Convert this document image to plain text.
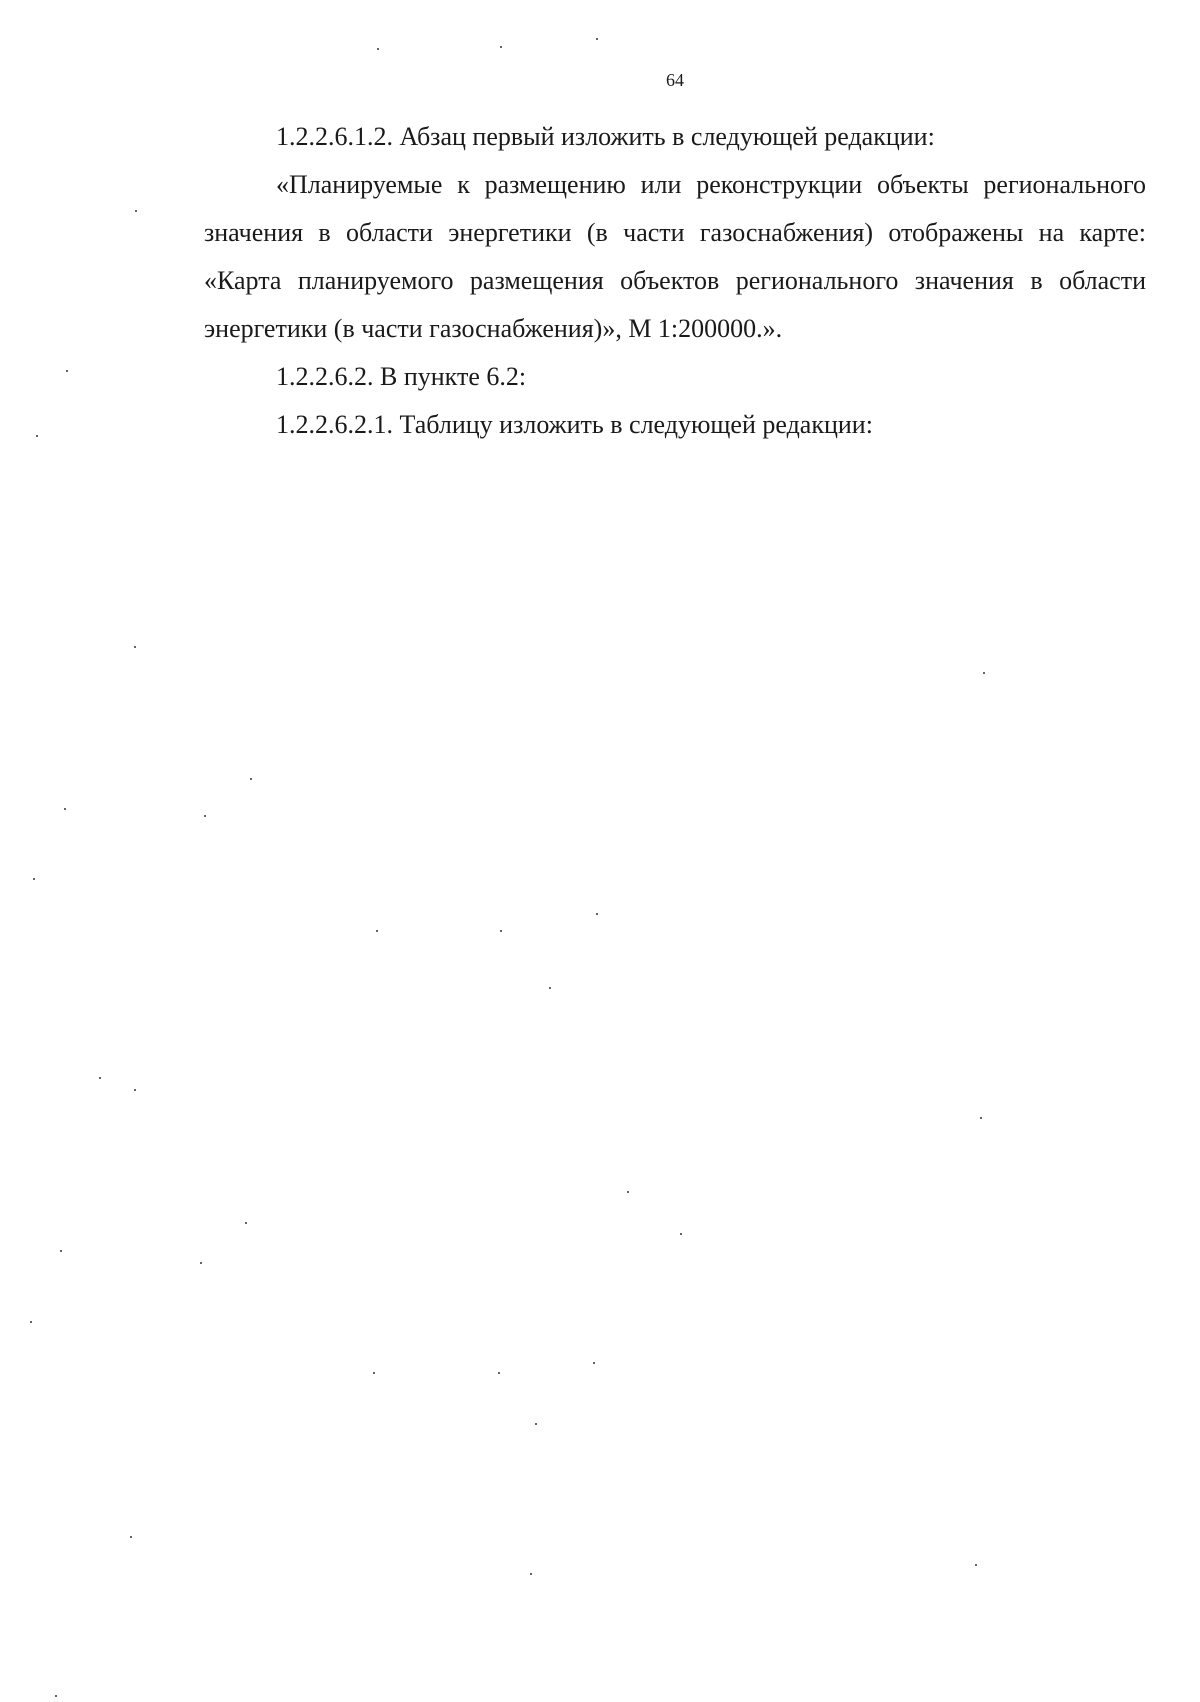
64

1.2.2.6.1.2. Абзац первый изложить в следующей редакции:

«Планируемые к размещению или реконструкции объекты регионального значения в области энергетики (в части газоснабжения) отображены на карте: «Карта планируемого размещения объектов регионального значения в области энергетики (в части газоснабжения)», М 1:200000.».

1.2.2.6.2. В пункте 6.2:

1.2.2.6.2.1. Таблицу изложить в следующей редакции:
